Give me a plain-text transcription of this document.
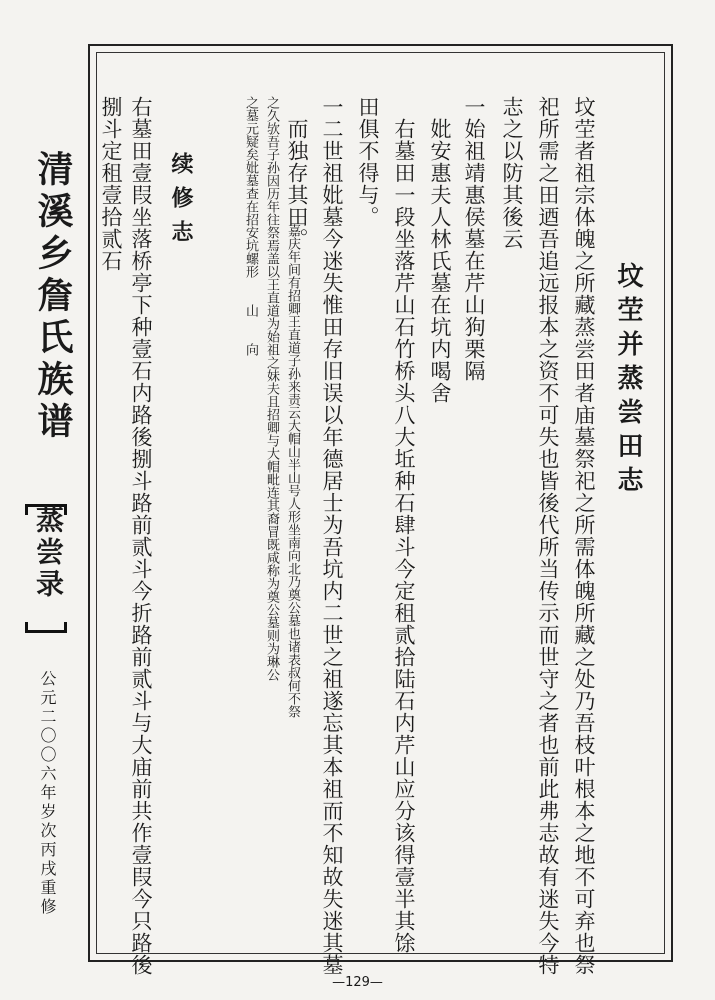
清溪乡詹氏族谱
蒸尝录
公元二〇〇六年岁次丙戌重修	坟茔者祖宗体魄之所藏蒸尝田者庙墓祭祀之所需体魄所藏之处乃吾枝叶根本之地不可弃也祭 坟茔并蒸尝田志
祀所需之田迺吾追远报本之资不可失也皆後代所当传示而世守之者也前此弗志故有迷失今特
志之以防其後云
一始祖靖惠侯墓在芹山狗栗隔
妣安惠夫人林氏墓在坑内喝舍
右墓田一段坐落芹山石竹桥头八大坵种石肆斗今定租贰拾陆石内芹山应分该得壹半其馀
田俱不得与。
一二世祖妣墓今迷失惟田存旧误以年德居士为吾坑内二世之祖遂忘其本祖而不知故失迷其墓
而独存其田。
嘉庆年间有招卿王直道子孙来责云大帽山半山号人形坐南向北乃奠公墓也诸表叔何不祭
之久欤吾子孙因历年往祭焉盖以王直道为始祖之妹夫且招卿与大帽毗连其裔冒既咸称为奠公墓则为琳公
之墓元疑矣妣墓查在招安坑螺形　　山　　向
续修志
右墓田壹叚坐落桥亭下种壹石内路後捌斗路前贰斗今折路前贰斗与大庙前共作壹叚今只路後
捌斗定租壹拾贰石
—129—
